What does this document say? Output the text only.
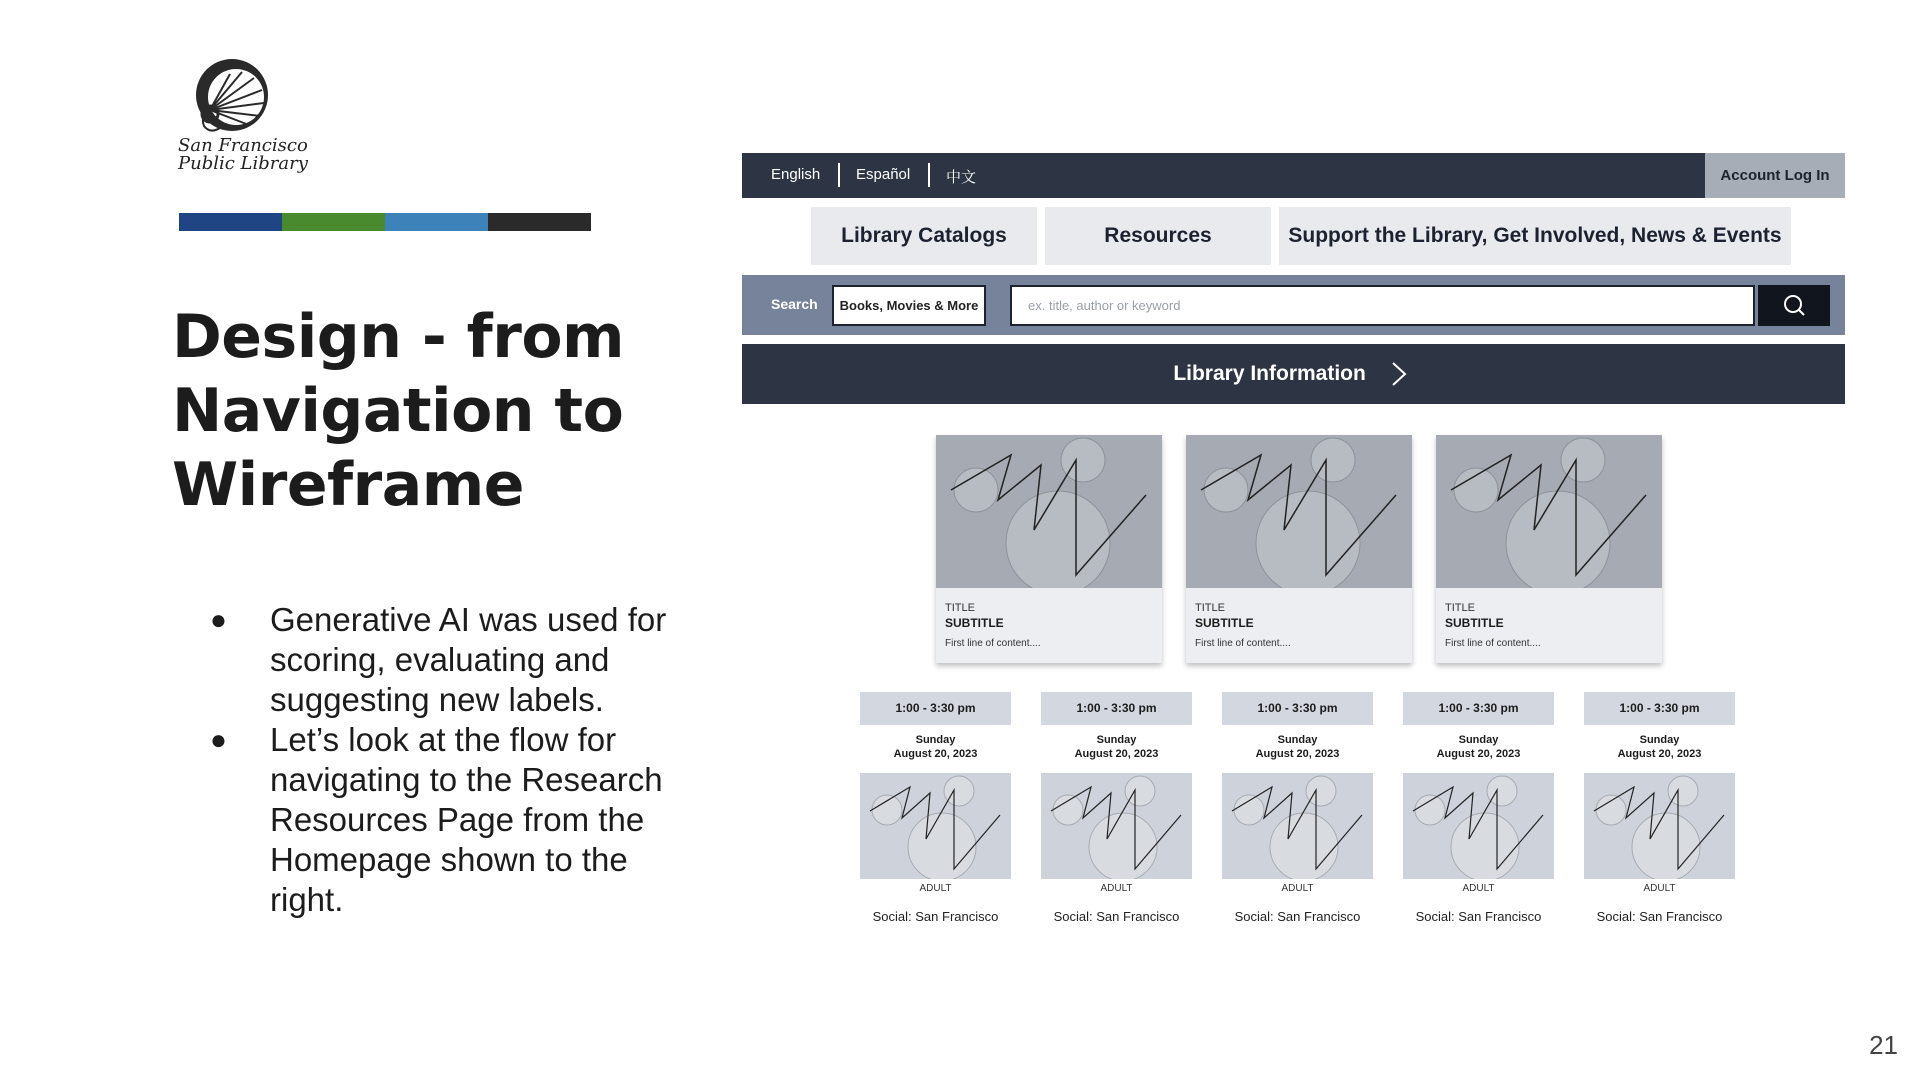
San Francisco
Public Library
Design - from Navigation to Wireframe
● Generative AI was used for scoring, evaluating and suggesting new labels.
● Let’s look at the flow for navigating to the Research Resources Page from the Homepage shown to the right.
21
English Español 中文	Account Log In
Library Catalogs	Resources	Support the Library, Get Involved, News & Events
Search	Books, Movies & More	ex. title, author or keyword
Library Information
TITLE
SUBTITLE
First line of content....
TITLE
SUBTITLE
First line of content....
TITLE
SUBTITLE
First line of content....
1:00 - 3:30 pm
Sunday
August 20, 2023
ADULT
Social: San Francisco
1:00 - 3:30 pm
Sunday
August 20, 2023
ADULT
Social: San Francisco
1:00 - 3:30 pm
Sunday
August 20, 2023
ADULT
Social: San Francisco
1:00 - 3:30 pm
Sunday
August 20, 2023
ADULT
Social: San Francisco
1:00 - 3:30 pm
Sunday
August 20, 2023
ADULT
Social: San Francisco
